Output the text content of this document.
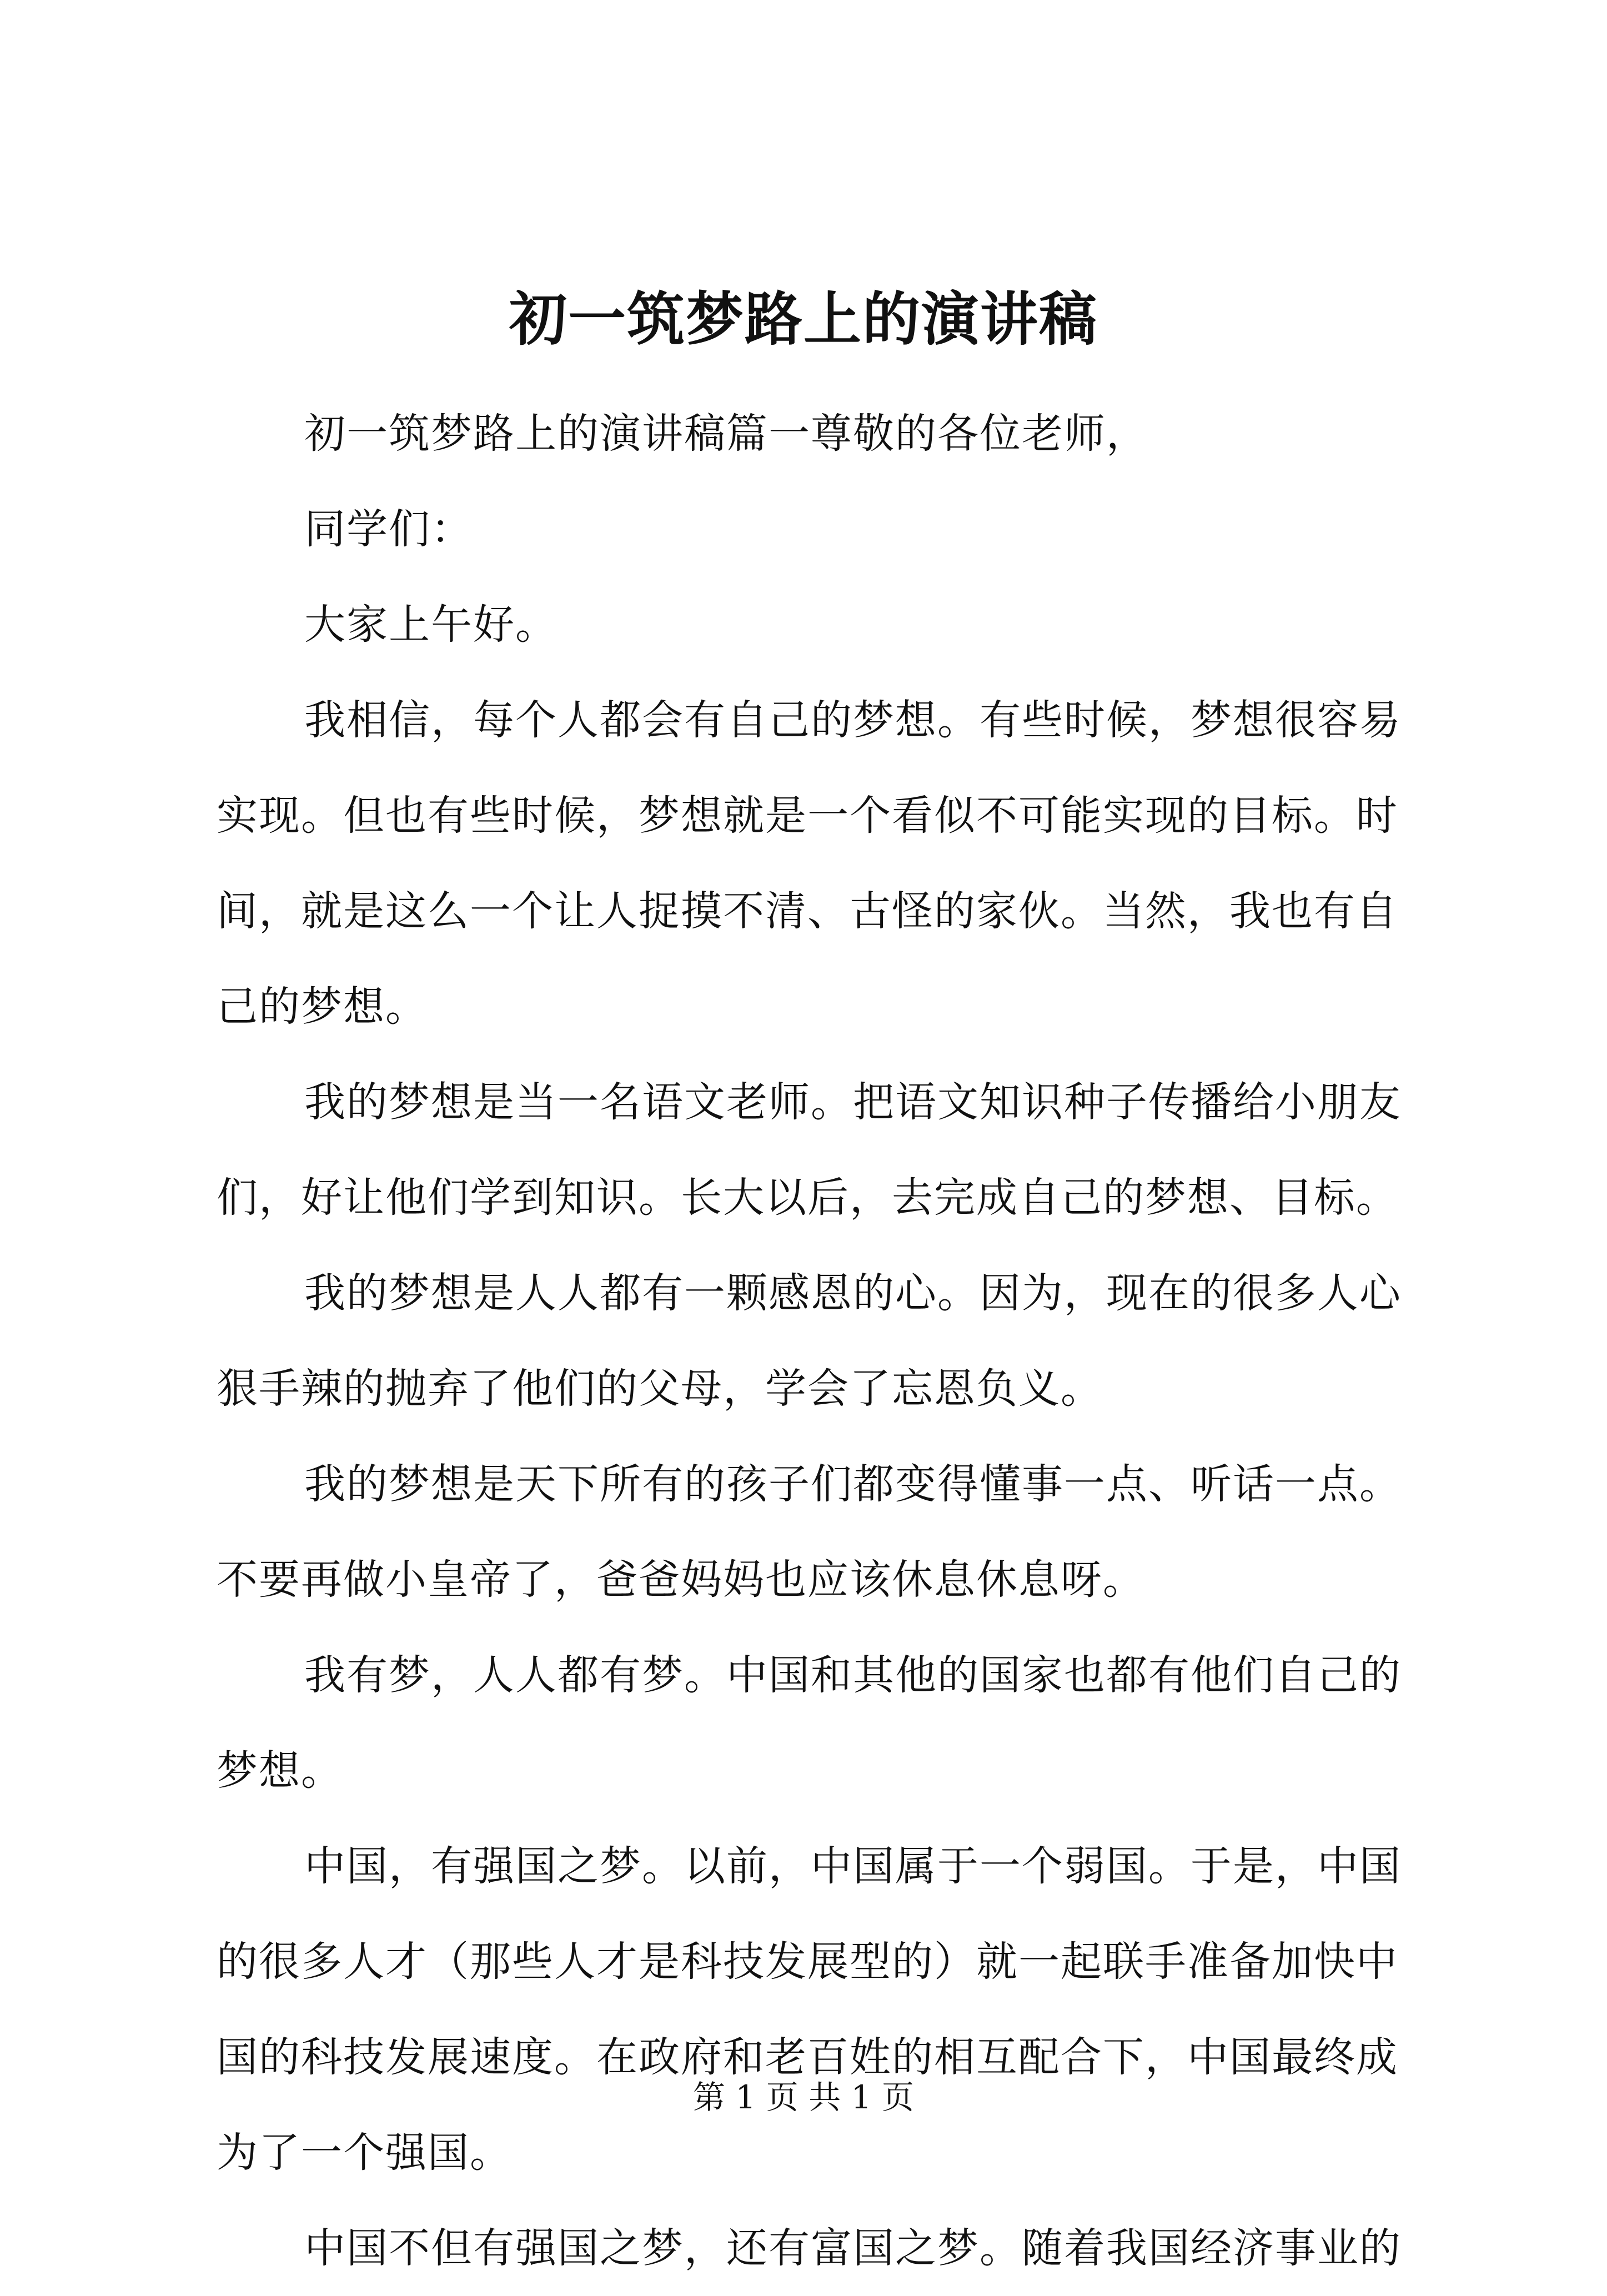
初一筑梦路上的演讲稿
初一筑梦路上的演讲稿篇一尊敬的各位老师，
同学们：
大家上午好。
我相信，每个人都会有自己的梦想。有些时候，梦想很容易
实现。但也有些时候，梦想就是一个看似不可能实现的目标。时
间，就是这么一个让人捉摸不清、古怪的家伙。当然，我也有自
己的梦想。
我的梦想是当一名语文老师。把语文知识种子传播给小朋友
们，好让他们学到知识。长大以后，去完成自己的梦想、目标。
我的梦想是人人都有一颗感恩的心。因为，现在的很多人心
狠手辣的抛弃了他们的父母，学会了忘恩负义。
我的梦想是天下所有的孩子们都变得懂事一点、听话一点。
不要再做小皇帝了，爸爸妈妈也应该休息休息呀。
我有梦，人人都有梦。中国和其他的国家也都有他们自己的
梦想。
中国，有强国之梦。以前，中国属于一个弱国。于是，中国
的很多人才（那些人才是科技发展型的）就一起联手准备加快中
国的科技发展速度。在政府和老百姓的相互配合下，中国最终成
为了一个强国。
中国不但有强国之梦，还有富国之梦。随着我国经济事业的
第 1 页 共 1 页
